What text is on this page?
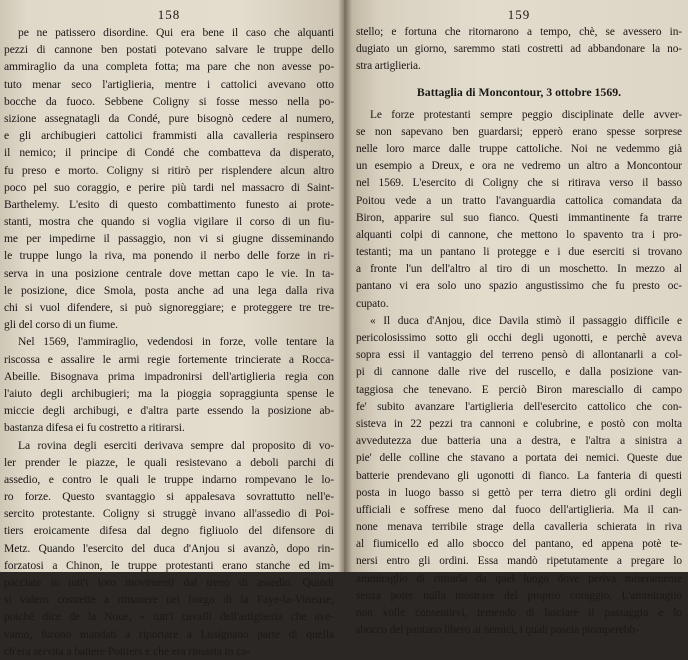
158
pe ne patissero disordine. Qui era bene il caso che alquanti
pezzi di cannone ben postati potevano salvare le truppe dello
ammiraglio da una completa fotta; ma pare che non avesse po-
tuto menar seco l'artiglieria, mentre i cattolici avevano otto
bocche da fuoco. Sebbene Coligny si fosse messo nella po-
sizione assegnatagli da Condé, pure bisognò cedere al numero,
e gli archibugieri cattolici frammisti alla cavalleria respinsero
il nemico; il principe di Condé che combatteva da disperato,
fu preso e morto. Coligny si ritirò per risplendere alcun altro
poco pel suo coraggio, e perire più tardi nel massacro di Saint-
Barthelemy. L'esito di questo combattimento funesto ai prote-
stanti, mostra che quando si voglia vigilare il corso di un fiu-
me per impedirne il passaggio, non vi si giugne disseminando
le truppe lungo la riva, ma ponendo il nerbo delle forze in ri-
serva in una posizione centrale dove mettan capo le vie. In ta-
le posizione, dice Smola, posta anche ad una lega dalla riva
chi si vuol difendere, si può signoreggiare; e proteggere tre tre-
gli del corso di un fiume.
Nel 1569, l'ammiraglio, vedendosi in forze, volle tentare la
riscossa e assalire le armi regie fortemente trincierate a Rocca-
Abeille. Bisognava prima impadronirsi dell'artiglieria regia con
l'aiuto degli archibugieri; ma la pioggia sopraggiunta spense le
miccie degli archibugi, e d'altra parte essendo la posizione ab-
bastanza difesa ei fu costretto a ritirarsi.
La rovina degli eserciti derivava sempre dal proposito di vo-
ler prender le piazze, le quali resistevano a deboli parchi di
assedio, e contro le quali le truppe indarno rompevano le lo-
ro forze. Questo svantaggio si appalesava sovrattutto nell'e-
sercito protestante. Coligny si struggè invano all'assedio di Poi-
tiers eroicamente difesa dal degno figliuolo del difensore di
Metz. Quando l'esercito del duca d'Anjou si avanzò, dopo rin-
forzatosi a Chinon, le truppe protestanti erano stanche ed im-
pacciate in tutt'i loro movimenti dal treno di assedio. Quindi
si videro costrette a rimanere nel borgo di la Faye-la-Vineuse,
poichè dice de la Noue, « tutt'i cavalli dell'artiglieria che ave-
vamo, furono mandati a riportare a Lusignano parte di quella
ch'era servita a battere Poitiers e che era rimasta in ca-
159
stello; e fortuna che ritornarono a tempo, chè, se avessero in-
dugiato un giorno, saremmo stati costretti ad abbandonare la no-
stra artiglieria.
Battaglia di Moncontour, 3 ottobre 1569.
Le forze protestanti sempre peggio disciplinate delle avver-
se non sapevano ben guardarsi; epperò erano spesse sorprese
nelle loro marce dalle truppe cattoliche. Noi ne vedemmo già
un esempio a Dreux, e ora ne vedremo un altro a Moncontour
nel 1569. L'esercito di Coligny che si ritirava verso il basso
Poitou vede a un tratto l'avanguardia cattolica comandata da
Biron, apparire sul suo fianco. Questi immantinente fa trarre
alquanti colpi di cannone, che mettono lo spavento tra i pro-
testanti; ma un pantano li protegge e i due eserciti si trovano
a fronte l'un dell'altro al tiro di un moschetto. In mezzo al
pantano vi era solo uno spazio angustissimo che fu presto oc-
cupato.
« Il duca d'Anjou, dice Davila stimò il passaggio difficile e
pericolosissimo sotto gli occhi degli ugonotti, e perchè aveva
sopra essi il vantaggio del terreno pensò di allontanarli a col-
pi di cannone dalle rive del ruscello, e dalla posizione van-
taggiosa che tenevano. E perciò Biron maresciallo di campo
fe' subito avanzare l'artiglieria dell'esercito cattolico che con-
sisteva in 22 pezzi tra cannoni e colubrine, e postò con molta
avvedutezza due batteria una a destra, e l'altra a sinistra a
pie' delle colline che stavano a portata dei nemici. Queste due
batterie prendevano gli ugonotti di fianco. La fanteria di questi
posta in luogo basso si gettò per terra dietro gli ordini degli
ufficiali e soffrese meno dal fuoco dell'artiglieria. Ma il can-
none menava terribile strage della cavalleria schierata in riva
al fiumicello ed allo sbocco del pantano, ed appena potè te-
nersi entro gli ordini. Essa mandò ripetutamente a pregare lo
ammiraglio di ritirarla da quel luogo dove periva miseramente
senza poter nulla mostrare del proprio coraggio. L'ammiraglio
non volle consentirvi, temendo di lasciare il passaggio e lo
sbocco del pantano libero ai nemici, i quali poscia piomperebb-
